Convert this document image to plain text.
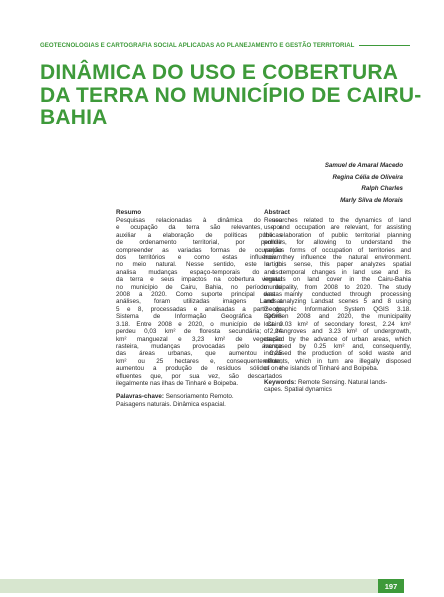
GEOTECNOLOGIAS E CARTOGRAFIA SOCIAL APLICADAS AO PLANEJAMENTO E GESTÃO TERRITORIAL
DINÂMICA DO USO E COBERTURA
DA TERRA NO MUNICÍPIO DE CAIRU-
BAHIA
Samuel de Amaral Macedo
Regina Célia de Oliveira
Ralph Charles
Marly Silva de Morais
Resumo
Pesquisas relacionadas à dinâmica do uso
e ocupação da terra são relevantes, por
auxiliar a elaboração de políticas públicas
de ordenamento territorial, por permitir
compreender as variadas formas de ocupação
dos territórios e como estas influenciam
no meio natural. Nesse sentido, este artigo
analisa mudanças espaço-temporais do uso
da terra e seus impactos na cobertura vegetal
no município de Cairu, Bahia, no período de
2008 a 2020. Como suporte principal destas
análises, foram utilizadas imagens Landsat
5 e 8, processadas e analisadas a partir do
Sistema de Informação Geográfica QGIS
3.18. Entre 2008 e 2020, o município de Cairu
perdeu 0,03 km² de floresta secundária; 2,24
km² manguezal e 3,23 km² de vegetação
rasteira, mudanças provocadas pelo avanço
das áreas urbanas, que aumentou 0,25
km² ou 25 hectares e, consequentemente,
aumentou a produção de resíduos sólidos e
efluentes que, por sua vez, são descartados
ilegalmente nas ilhas de Tinharé e Boipeba.
Palavras-chave: Sensoriamento Remoto.
Paisagens naturais. Dinâmica espacial.
Abstract
Researches related to the dynamics of land
use and occupation are relevant, for assisting
the elaboration of public territorial planning
policies, for allowing to understand the
various forms of occupation of territories and
how they influence the natural environment.
In this sense, this paper analyzes spatial
and temporal changes in land use and its
impacts on land cover in the Cairu-Bahia
municipality, from 2008 to 2020. The study
was mainly conducted through processing
and analyzing Landsat scenes 5 and 8 using
Geographic Information System QGIS 3.18.
Between 2008 and 2020, the municipality
lost 0.03 km² of secondary forest, 2.24 km²
of mangroves and 3.23 km² of undergrowth,
caused by the advance of urban areas, which
increased by 0.25 km² and, consequently,
increased the production of solid waste and
effluents, which in turn are illegally disposed
of on the islands of Tinharé and Boipeba.
Keywords: Remote Sensing. Natural lands-
capes. Spatial dynamics
197
